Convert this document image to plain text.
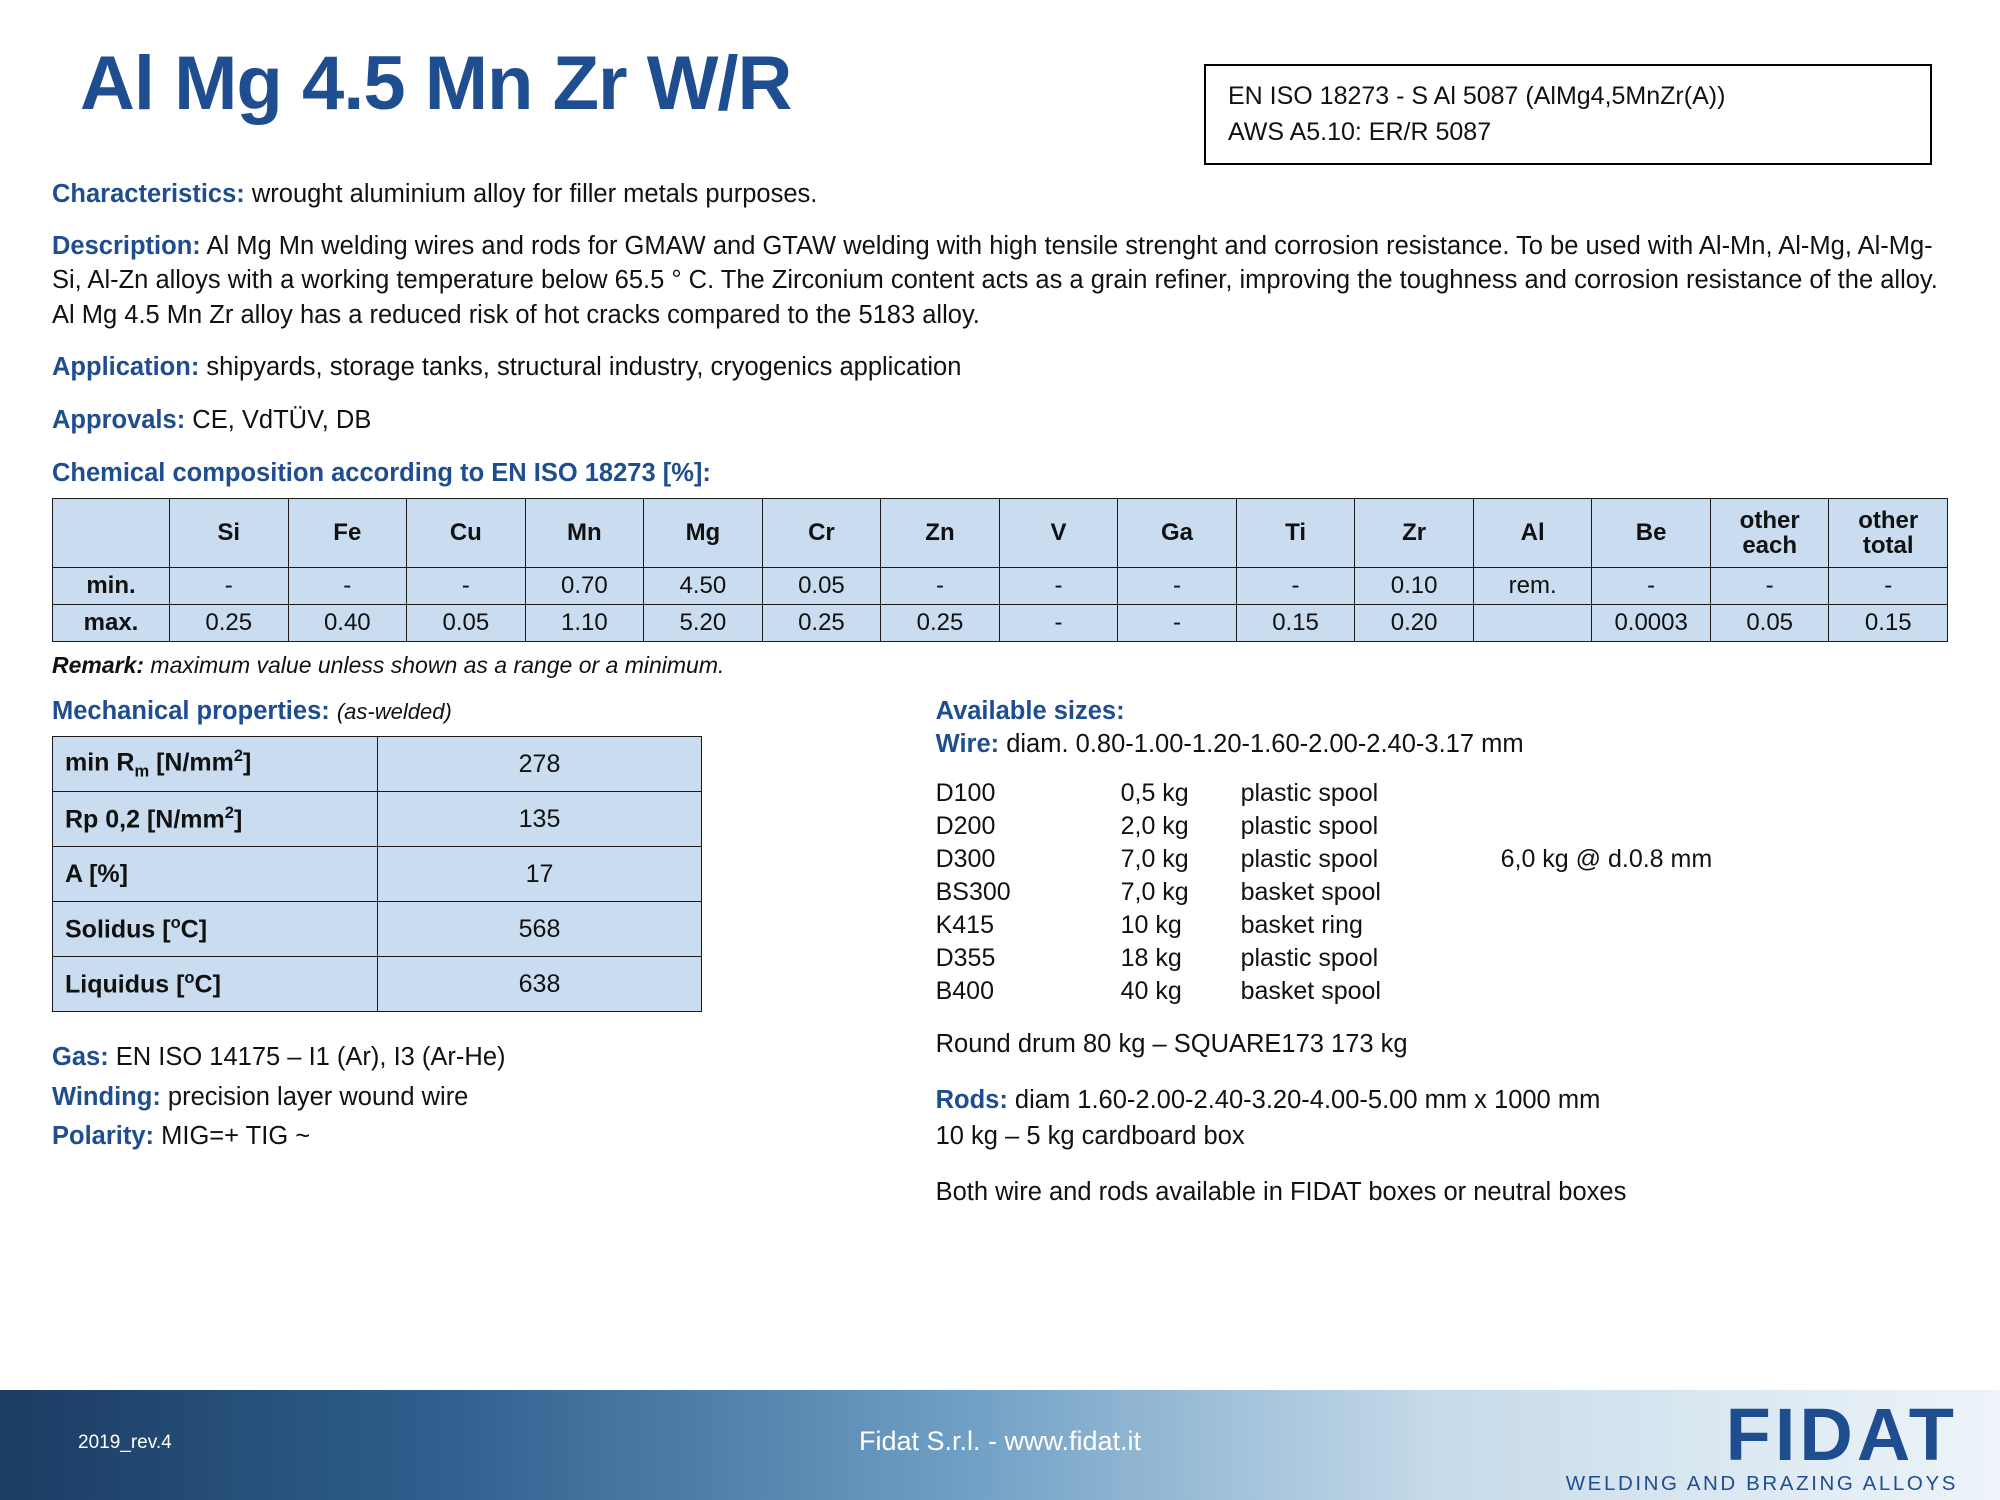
Al Mg 4.5 Mn Zr W/R	EN ISO 18273 - S Al 5087 (AlMg4,5MnZr(A))
AWS A5.10: ER/R 5087
Characteristics: wrought aluminium alloy for filler metals purposes.
Description: Al Mg Mn welding wires and rods for GMAW and GTAW welding with high tensile strenght and corrosion resistance. To be used with Al-Mn, Al-Mg, Al-Mg-Si, Al-Zn alloys with a working temperature below 65.5 ° C. The Zirconium content acts as a grain refiner, improving the toughness and corrosion resistance of the alloy. Al Mg 4.5 Mn Zr alloy has a reduced risk of hot cracks compared to the 5183 alloy.
Application: shipyards, storage tanks, structural industry, cryogenics application
Approvals: CE, VdTÜV, DB
Chemical composition according to EN ISO 18273 [%]:
	Si	Fe	Cu	Mn	Mg	Cr	Zn	V	Ga	Ti	Zr	Al	Be	other each	other total
min.	-	-	-	0.70	4.50	0.05	-	-	-	-	0.10	rem.	-	-	-
max.	0.25	0.40	0.05	1.10	5.20	0.25	0.25	-	-	0.15	0.20		0.0003	0.05	0.15
Remark: maximum value unless shown as a range or a minimum.
Mechanical properties: (as-welded)
$\min R_m$ $[N/mm^2]$	278
Rp 0,2 $[N/mm^2]$	135
A [%]	17
Solidus [$^o$C]	568
Liquidus [$^o$C]	638
Gas: EN ISO 14175 – I1 (Ar), I3 (Ar-He)
Winding: precision layer wound wire
Polarity: MIG=+ TIG ~
Available sizes:
Wire: diam. 0.80-1.00-1.20-1.60-2.00-2.40-3.17 mm
D100	0,5 kg	plastic spool	
D200	2,0 kg	plastic spool	
D300	7,0 kg	plastic spool	6,0 kg @ d.0.8 mm
BS300	7,0 kg	basket spool	
K415	10 kg	basket ring	
D355	18 kg	plastic spool	
B400	40 kg	basket spool	
Round drum 80 kg – SQUARE173 173 kg
Rods: diam 1.60-2.00-2.40-3.20-4.00-5.00 mm x 1000 mm
10 kg – 5 kg cardboard box
Both wire and rods available in FIDAT boxes or neutral boxes
2019_rev.4	Fidat S.r.l. - www.fidat.it	FIDAT
WELDING AND BRAZING ALLOYS
